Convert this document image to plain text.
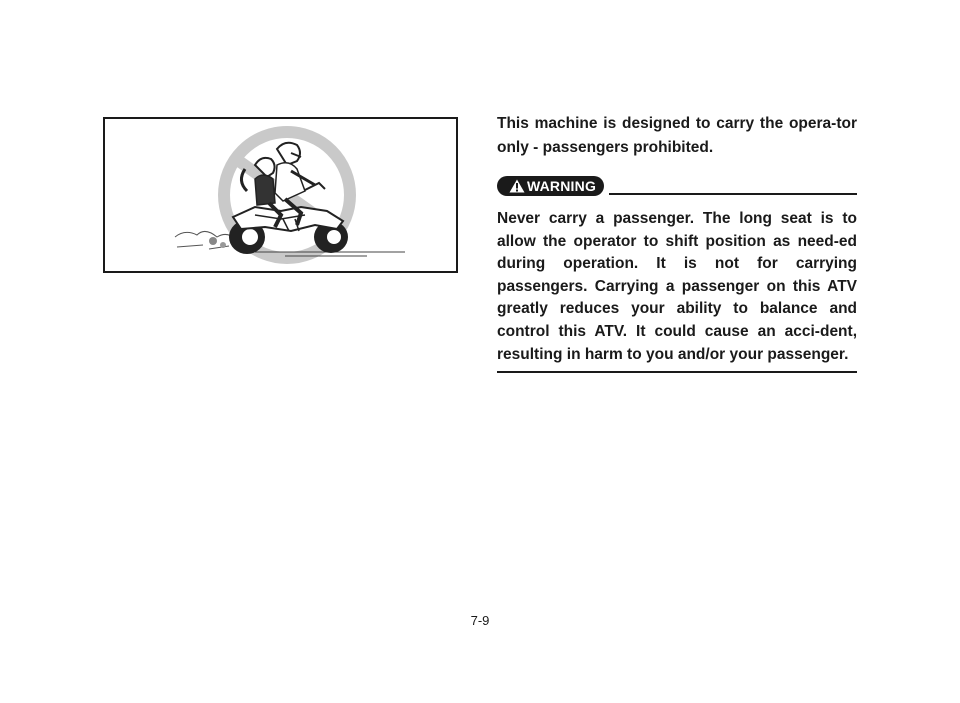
This machine is designed to carry the opera-tor only - passengers prohibited.

WARNING

Never carry a passenger. The long seat is to allow the operator to shift position as need-ed during operation. It is not for carrying passengers. Carrying a passenger on this ATV greatly reduces your ability to balance and control this ATV. It could cause an acci-dent, resulting in harm to you and/or your passenger.

7-9
